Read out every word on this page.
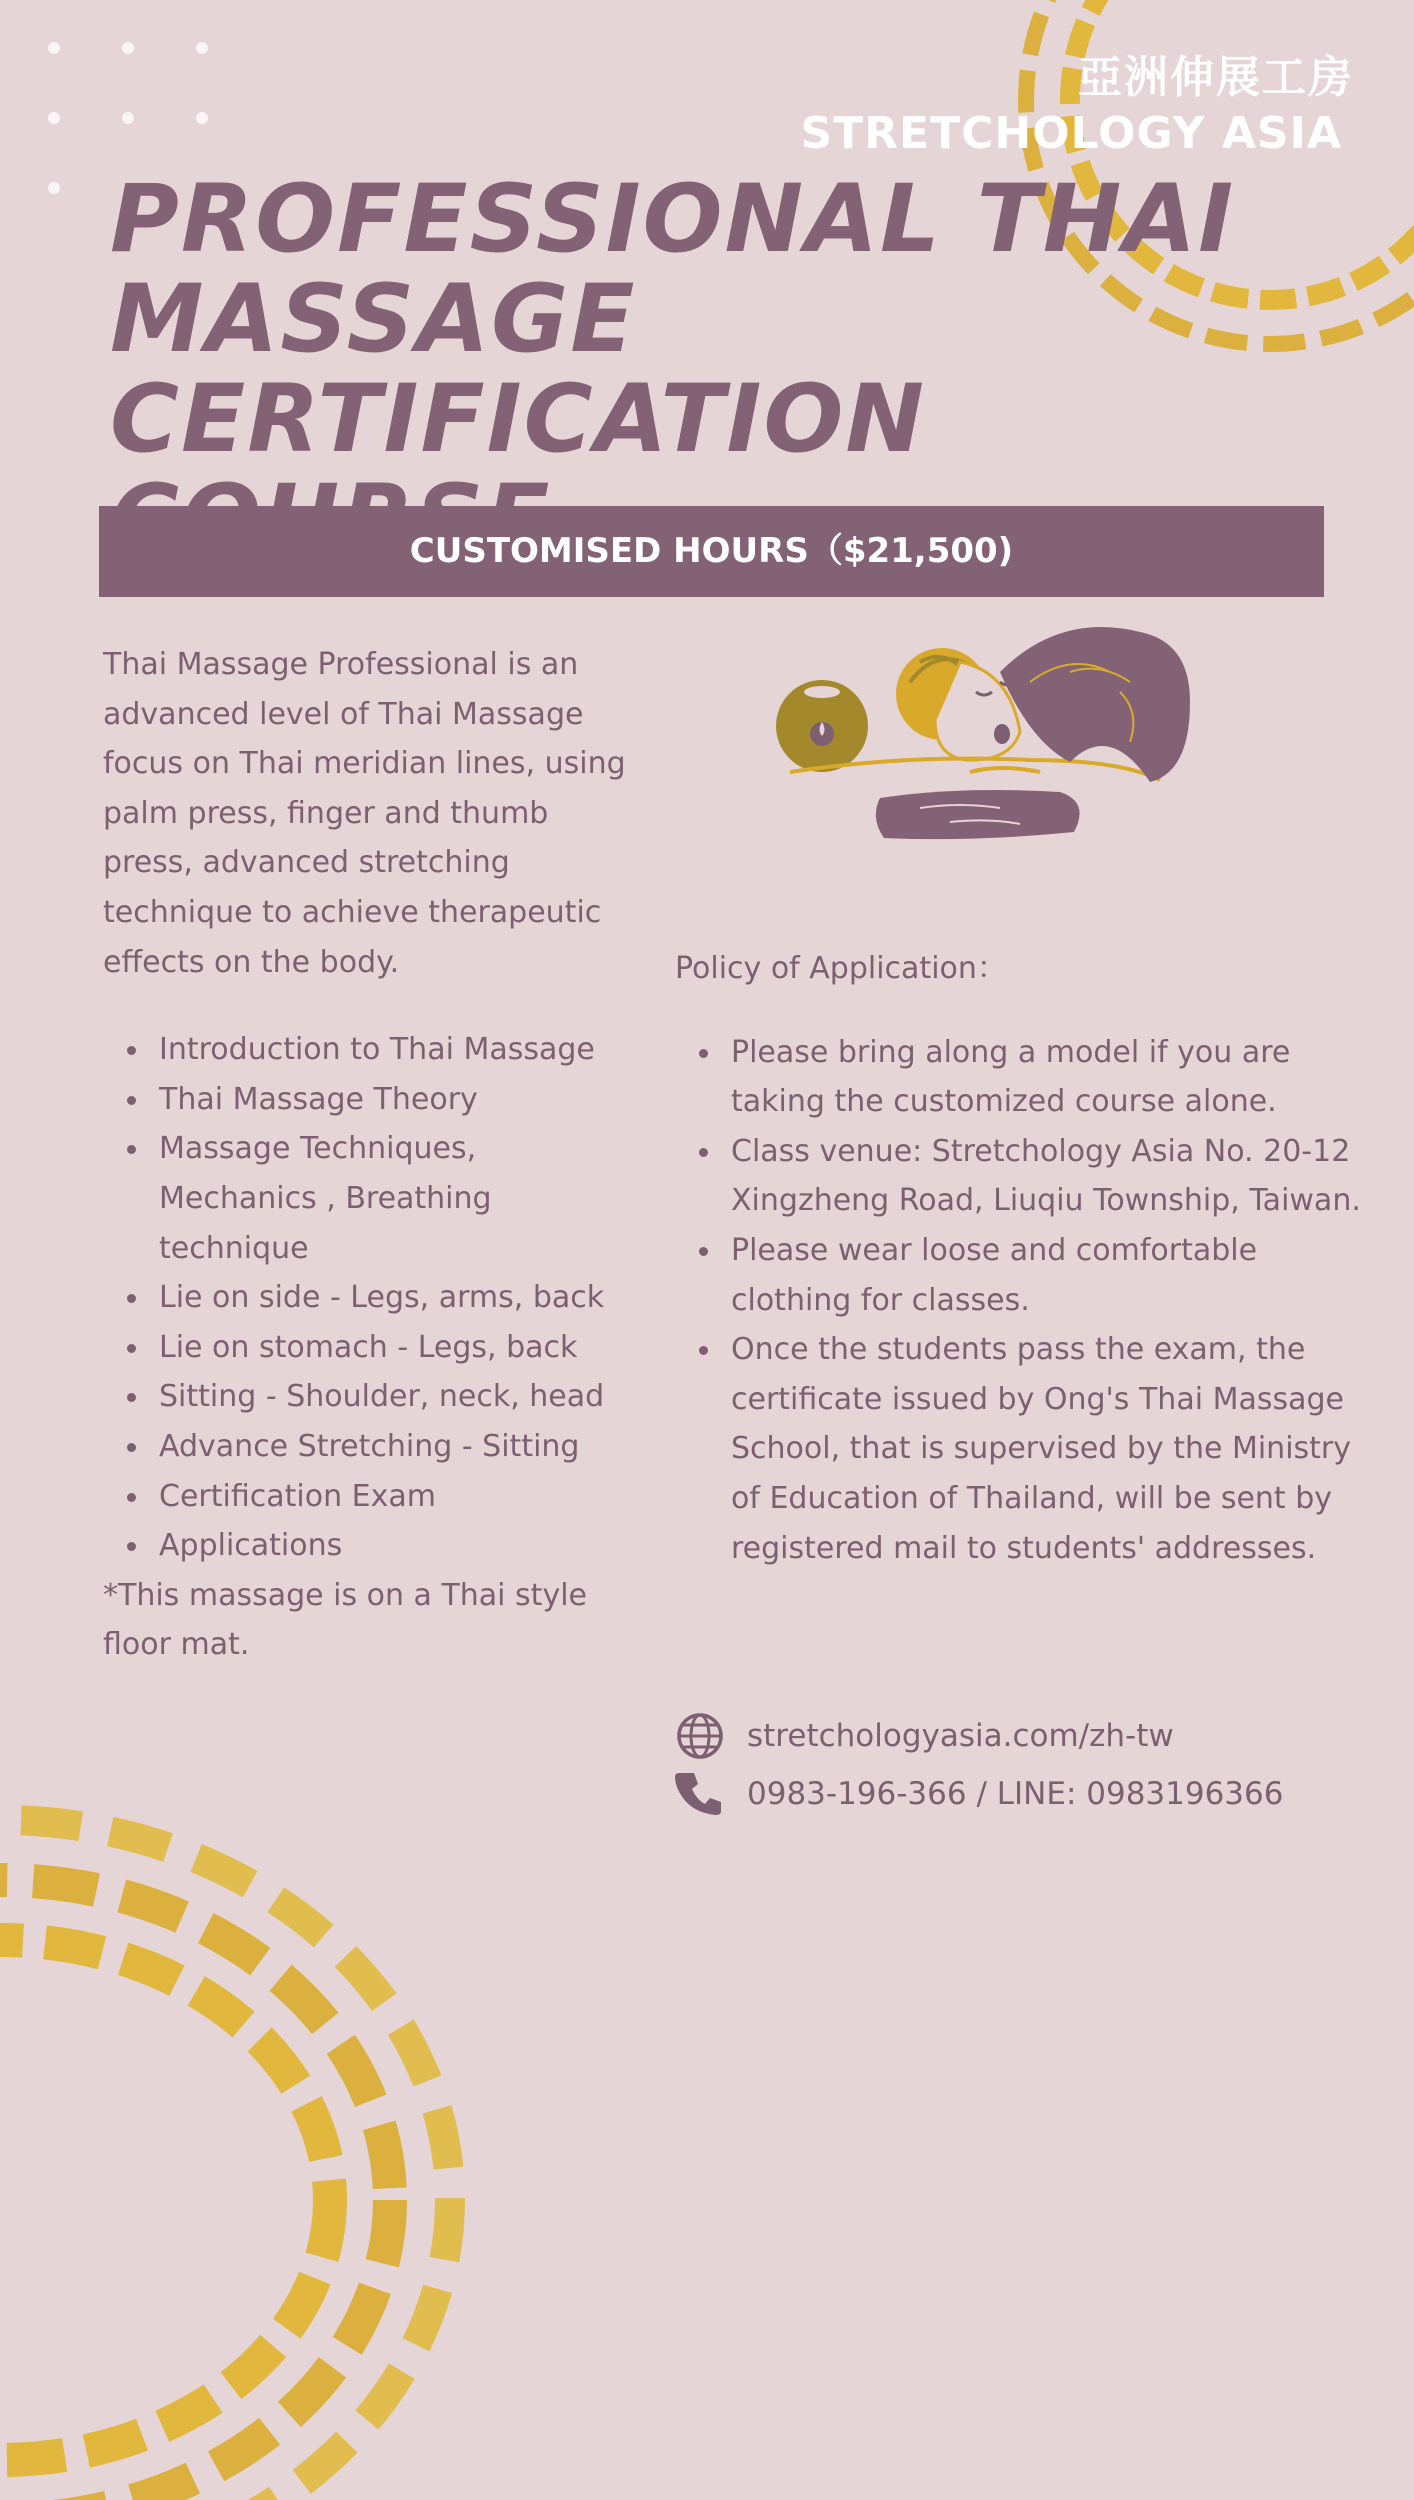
亞洲伸展工房
STRETCHOLOGY ASIA
PROFESSIONAL THAI
MASSAGE
CERTIFICATION
CUSTOMISED HOURS（$21,500)

Thai Massage Professional is an advanced level of Thai Massage focus on Thai meridian lines, using palm press, finger and thumb press, advanced stretching technique to achieve therapeutic effects on the body.

Introduction to Thai Massage
Thai Massage Theory
Massage Techniques, Mechanics , Breathing technique
Lie on side - Legs, arms, back
Lie on stomach - Legs, back
Sitting - Shoulder, neck, head
Advance Stretching - Sitting
Certification Exam
Applications

*This massage is on a Thai style floor mat.

Policy of Application：

Please bring along a model if you are taking the customized course alone.
Class venue: Stretchology Asia No. 20-12 Xingzheng Road, Liuqiu Township, Taiwan.
Please wear loose and comfortable clothing for classes.
Once the students pass the exam, the certificate issued by Ong's Thai Massage School, that is supervised by the Ministry of Education of Thailand, will be sent by registered mail to students' addresses.
stretchologyasia.com/zh-tw
0983-196-366 / LINE: 0983196366
